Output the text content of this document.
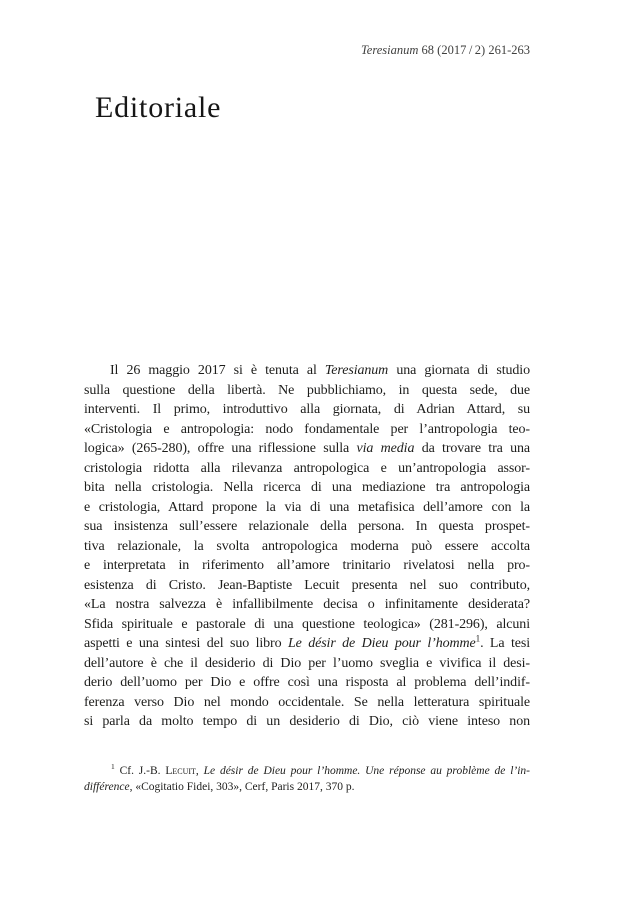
Teresianum 68 (2017 / 2) 261-263
Editoriale
Il 26 maggio 2017 si è tenuta al Teresianum una giornata di studio
sulla questione della libertà. Ne pubblichiamo, in questa sede, due
interventi. Il primo, introduttivo alla giornata, di Adrian Attard, su
«Cristologia e antropologia: nodo fondamentale per l’antropologia teo-
logica» (265-280), offre una riflessione sulla via media da trovare tra una
cristologia ridotta alla rilevanza antropologica e un’antropologia assor-
bita nella cristologia. Nella ricerca di una mediazione tra antropologia
e cristologia, Attard propone la via di una metafisica dell’amore con la
sua insistenza sull’essere relazionale della persona. In questa prospet-
tiva relazionale, la svolta antropologica moderna può essere accolta
e interpretata in riferimento all’amore trinitario rivelatosi nella pro-
esistenza di Cristo. Jean-Baptiste Lecuit presenta nel suo contributo,
«La nostra salvezza è infallibilmente decisa o infinitamente desiderata?
Sfida spirituale e pastorale di una questione teologica» (281-296), alcuni
aspetti e una sintesi del suo libro Le désir de Dieu pour l’homme$^1$. La tesi
dell’autore è che il desiderio di Dio per l’uomo sveglia e vivifica il desi-
derio dell’uomo per Dio e offre così una risposta al problema dell’indif-
ferenza verso Dio nel mondo occidentale. Se nella letteratura spirituale
si parla da molto tempo di un desiderio di Dio, ciò viene inteso non
$^1$ Cf. J.-B. Lecuit, Le désir de Dieu pour l’homme. Une réponse au problème de l’in-
différence, «Cogitatio Fidei, 303», Cerf, Paris 2017, 370 p.
